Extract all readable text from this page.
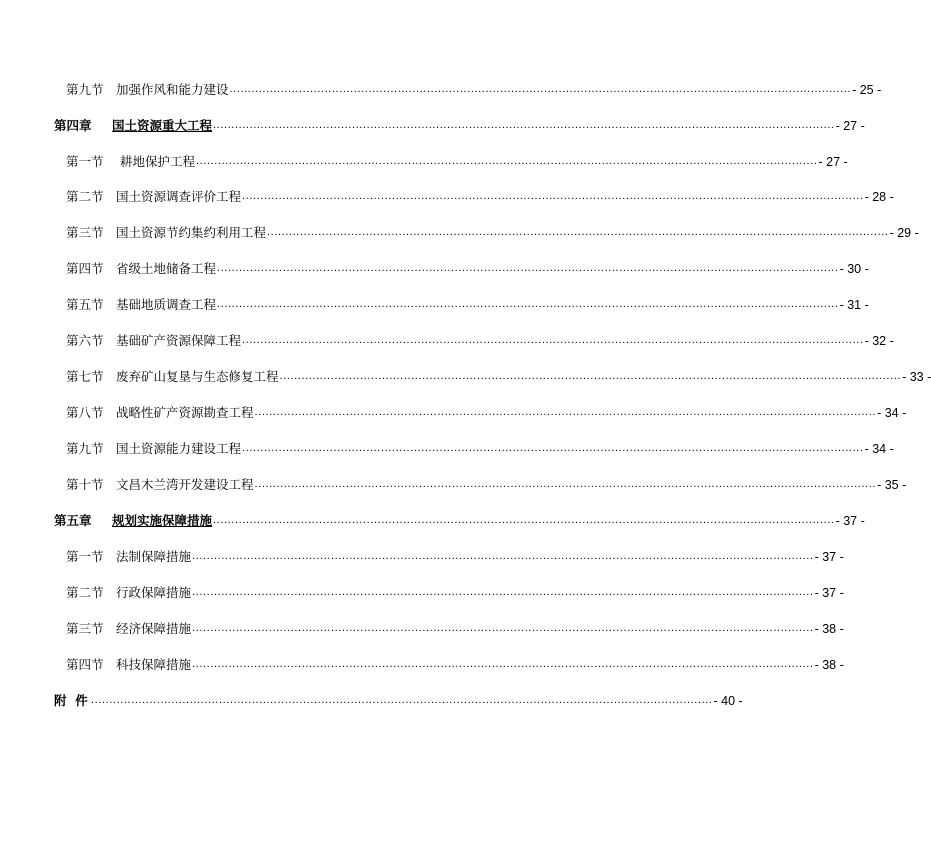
第九节 加强作风和能力建设 .......................................................................................................................................................................... - 25 -
第四章	国土资源重大工程 .......................................................................................................................................................................... - 27 -
第一节 耕地保护工程 .......................................................................................................................................................................... - 27 -
第二节 国土资源调查评价工程 .......................................................................................................................................................................... - 28 -
第三节 国土资源节约集约利用工程 .......................................................................................................................................................................... - 29 -
第四节 省级土地储备工程 .......................................................................................................................................................................... - 30 -
第五节 基础地质调查工程 .......................................................................................................................................................................... - 31 -
第六节 基础矿产资源保障工程 .......................................................................................................................................................................... - 32 -
第七节 废弃矿山复垦与生态修复工程 .......................................................................................................................................................................... - 33 -
第八节 战略性矿产资源勘查工程 .......................................................................................................................................................................... - 34 -
第九节 国土资源能力建设工程 .......................................................................................................................................................................... - 34 -
第十节 文昌木兰湾开发建设工程 .......................................................................................................................................................................... - 35 -
第五章	规划实施保障措施 .......................................................................................................................................................................... - 37 -
第一节 法制保障措施 .......................................................................................................................................................................... - 37 -
第二节 行政保障措施 .......................................................................................................................................................................... - 37 -
第三节 经济保障措施 .......................................................................................................................................................................... - 38 -
第四节 科技保障措施 .......................................................................................................................................................................... - 38 -
附  件 .......................................................................................................................................................................... - 40 -
